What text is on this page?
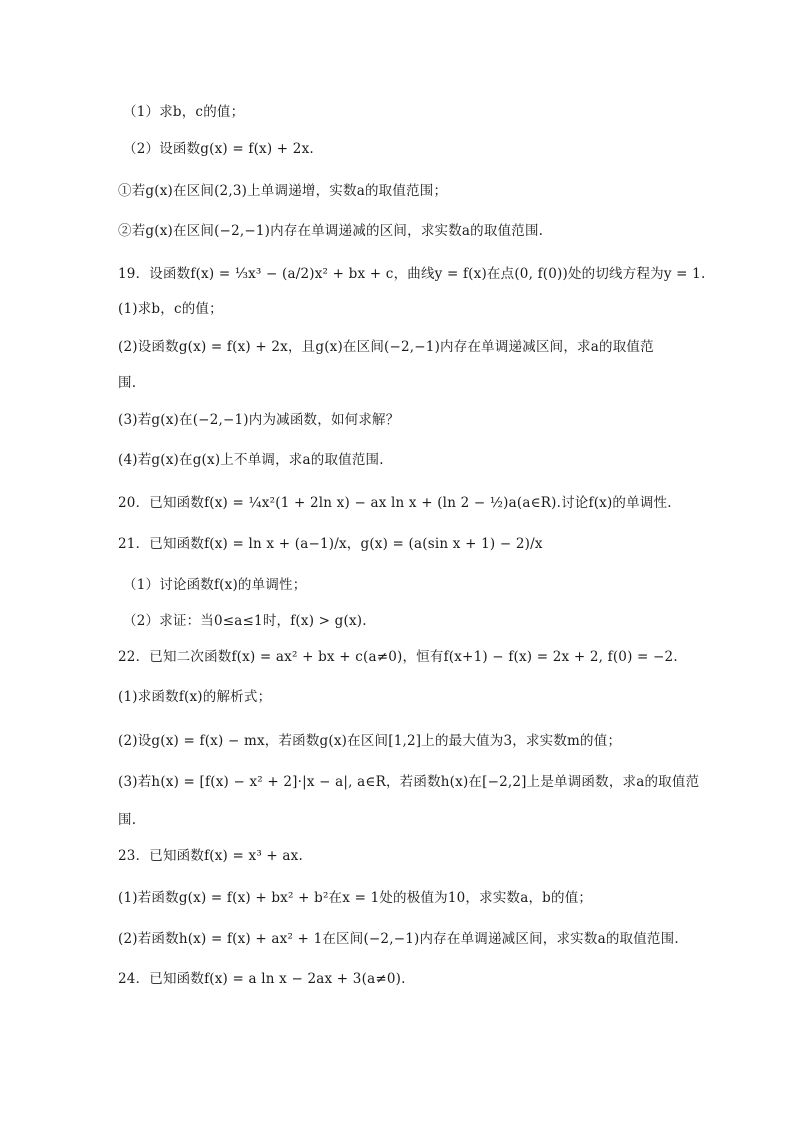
（1）求b，c的值；
（2）设函数g(x) = f(x) + 2x.
①若g(x)在区间(2,3)上单调递增，实数a的取值范围；
②若g(x)在区间(−2,−1)内存在单调递减的区间，求实数a的取值范围.
19．设函数f(x) = ⅓x³ − (a/2)x² + bx + c，曲线y = f(x)在点(0, f(0))处的切线方程为y = 1.
(1)求b，c的值；
(2)设函数g(x) = f(x) + 2x，且g(x)在区间(−2,−1)内存在单调递减区间，求a的取值范
围.
(3)若g(x)在(−2,−1)内为减函数，如何求解？
(4)若g(x)在g(x)上不单调，求a的取值范围.
20．已知函数f(x) = ¼x²(1 + 2ln x) − ax ln x + (ln 2 − ½)a(a∈R).讨论f(x)的单调性.
21．已知函数f(x) = ln x + (a−1)/x，g(x) = (a(sin x + 1) − 2)/x
（1）讨论函数f(x)的单调性；
（2）求证：当0≤a≤1时，f(x) > g(x).
22．已知二次函数f(x) = ax² + bx + c(a≠0)，恒有f(x+1) − f(x) = 2x + 2, f(0) = −2.
(1)求函数f(x)的解析式；
(2)设g(x) = f(x) − mx，若函数g(x)在区间[1,2]上的最大值为3，求实数m的值；
(3)若h(x) = [f(x) − x² + 2]·|x − a|, a∈R，若函数h(x)在[−2,2]上是单调函数，求a的取值范
围.
23．已知函数f(x) = x³ + ax.
(1)若函数g(x) = f(x) + bx² + b²在x = 1处的极值为10，求实数a，b的值；
(2)若函数h(x) = f(x) + ax² + 1在区间(−2,−1)内存在单调递减区间，求实数a的取值范围.
24．已知函数f(x) = a ln x − 2ax + 3(a≠0).
